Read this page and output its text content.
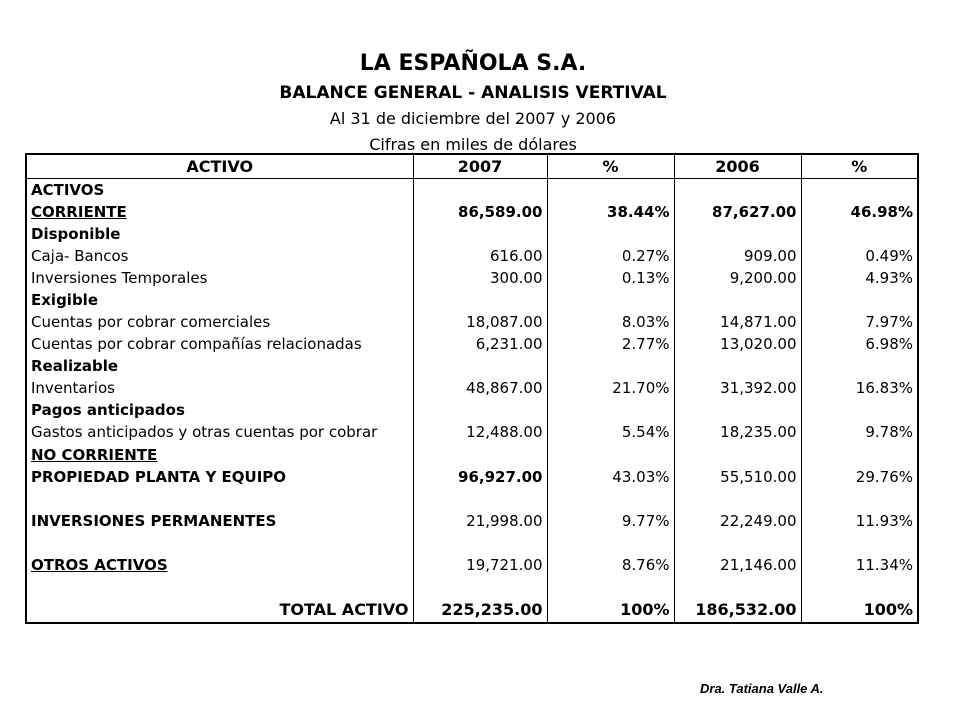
LA ESPAÑOLA S.A.
BALANCE GENERAL - ANALISIS VERTIVAL
Al 31 de diciembre del 2007 y 2006
Cifras en miles de dólares
ACTIVO	2007	%	2006	%
ACTIVOS				
CORRIENTE	86,589.00	38.44%	87,627.00	46.98%
Disponible				
Caja- Bancos	616.00	0.27%	909.00	0.49%
Inversiones Temporales	300.00	0.13%	9,200.00	4.93%
Exigible				
Cuentas por cobrar comerciales	18,087.00	8.03%	14,871.00	7.97%
Cuentas por cobrar compañías relacionadas	6,231.00	2.77%	13,020.00	6.98%
Realizable				
Inventarios	48,867.00	21.70%	31,392.00	16.83%
Pagos anticipados				
Gastos anticipados y otras cuentas por cobrar	12,488.00	5.54%	18,235.00	9.78%
NO CORRIENTE				
PROPIEDAD PLANTA Y EQUIPO	96,927.00	43.03%	55,510.00	29.76%

INVERSIONES PERMANENTES	21,998.00	9.77%	22,249.00	11.93%

OTROS ACTIVOS	19,721.00	8.76%	21,146.00	11.34%

TOTAL ACTIVO	225,235.00	100%	186,532.00	100%
Dra. Tatiana Valle A.
